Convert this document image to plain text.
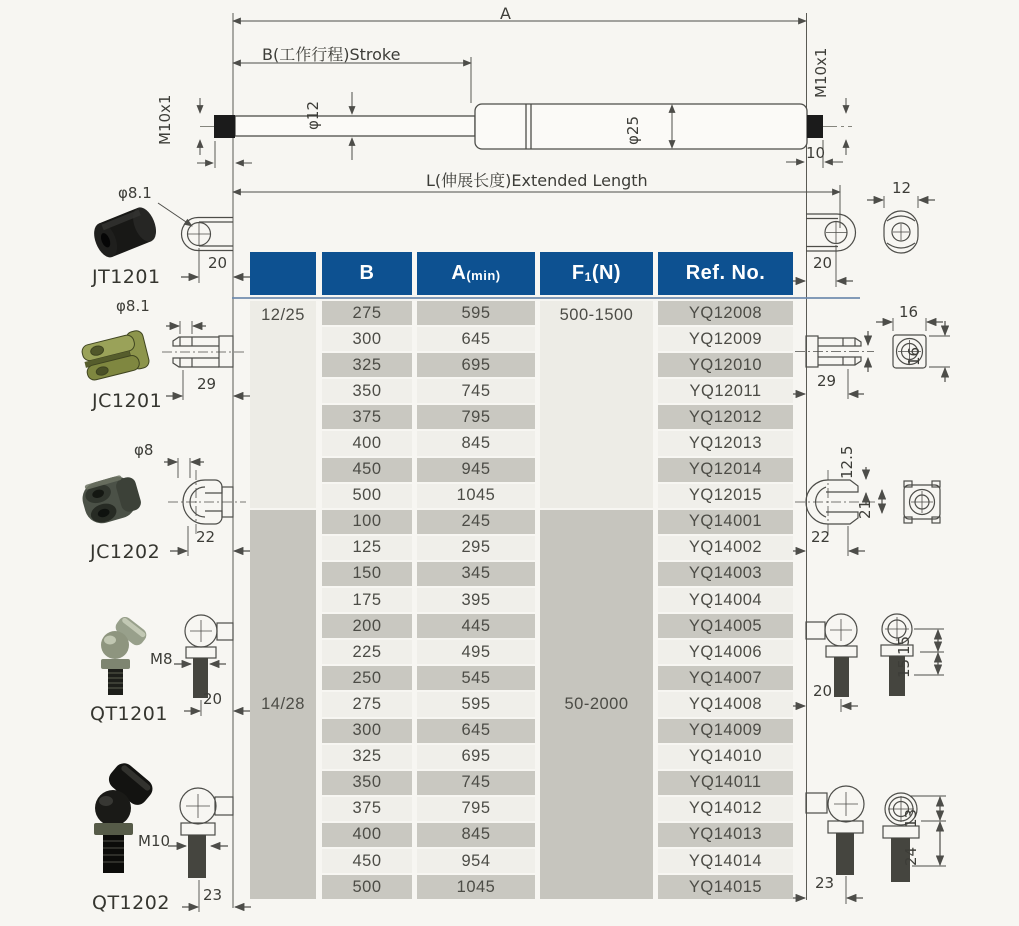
A
B(工作行程)Stroke
L(伸展长度)Extended Length
φ12
φ25
M10x1
M10x1
10
φ8.1
20
JT1201
φ8.1
29
JC1201
φ8
22
JC1202
M8
20
QT1201
M10
23
QT1202
12
20
16
16
29
12.5
21
22
15
15
20
13
24
23
B	A (min)	F 1 (N)	Ref. No.
12/25	500-1500
275	595	YQ12008
300	645	YQ12009
325	695	YQ12010
350	745	YQ12011
375	795	YQ12012
400	845	YQ12013
450	945	YQ12014
500	1045	YQ12015
14/28	50-2000
100	245	YQ14001
125	295	YQ14002
150	345	YQ14003
175	395	YQ14004
200	445	YQ14005
225	495	YQ14006
250	545	YQ14007
275	595	YQ14008
300	645	YQ14009
325	695	YQ14010
350	745	YQ14011
375	795	YQ14012
400	845	YQ14013
450	954	YQ14014
500	1045	YQ14015
